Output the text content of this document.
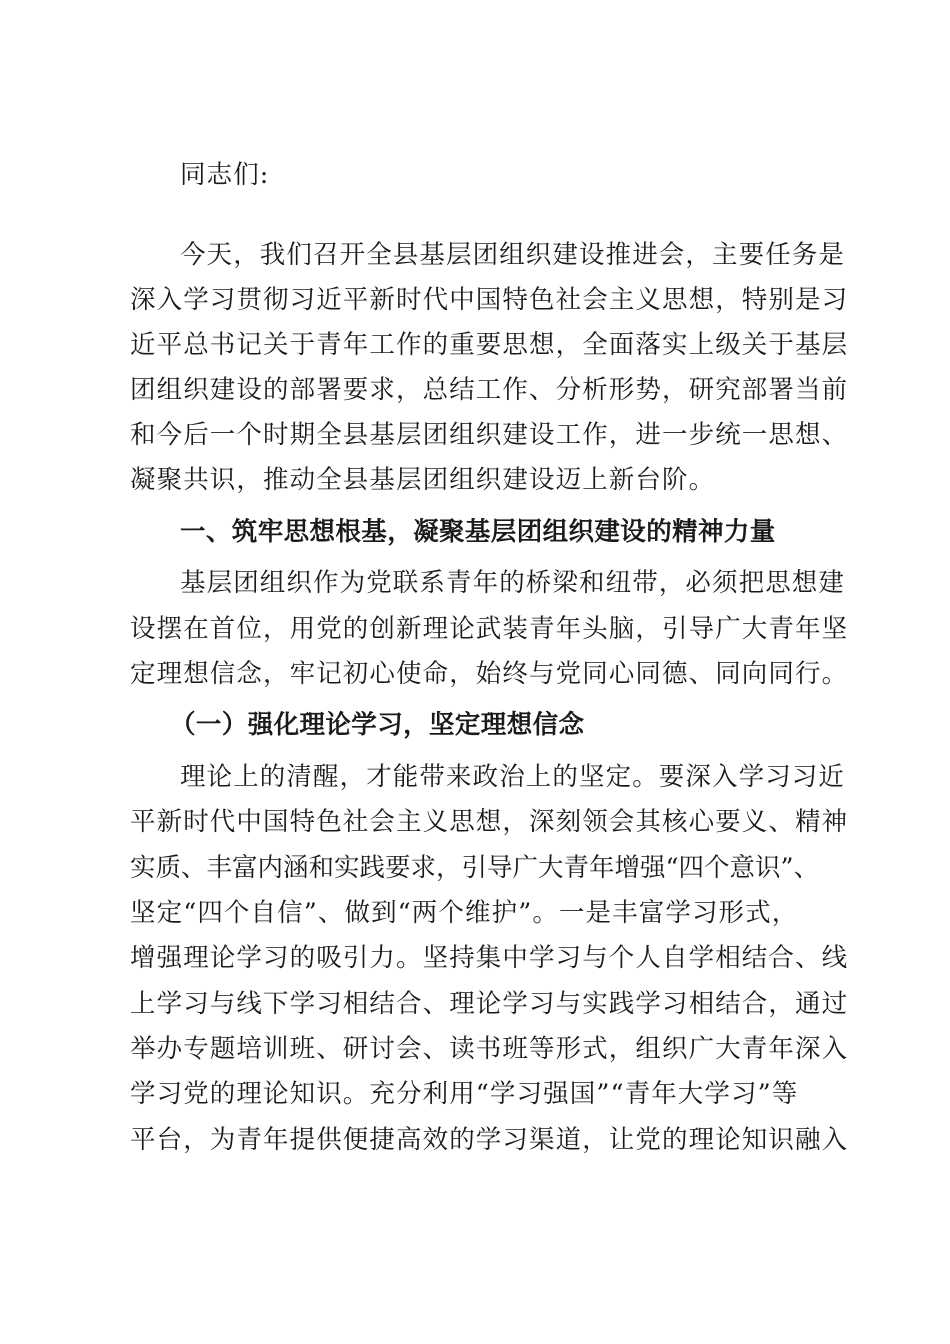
同志们:
今天，我们召开全县基层团组织建设推进会，主要任务是
深入学习贯彻习近平新时代中国特色社会主义思想，特别是习
近平总书记关于青年工作的重要思想，全面落实上级关于基层
团组织建设的部署要求，总结工作、分析形势，研究部署当前
和今后一个时期全县基层团组织建设工作，进一步统一思想、
凝聚共识，推动全县基层团组织建设迈上新台阶。
一、筑牢思想根基，凝聚基层团组织建设的精神力量
基层团组织作为党联系青年的桥梁和纽带，必须把思想建
设摆在首位，用党的创新理论武装青年头脑，引导广大青年坚
定理想信念，牢记初心使命，始终与党同心同德、同向同行。
（一）强化理论学习，坚定理想信念
理论上的清醒，才能带来政治上的坚定。要深入学习习近
平新时代中国特色社会主义思想，深刻领会其核心要义、精神
实质、丰富内涵和实践要求，引导广大青年增强“四个意识”、
坚定“四个自信”、做到“两个维护”。一是丰富学习形式，
增强理论学习的吸引力。坚持集中学习与个人自学相结合、线
上学习与线下学习相结合、理论学习与实践学习相结合，通过
举办专题培训班、研讨会、读书班等形式，组织广大青年深入
学习党的理论知识。充分利用“学习强国”“青年大学习”等
平台，为青年提供便捷高效的学习渠道，让党的理论知识融入
